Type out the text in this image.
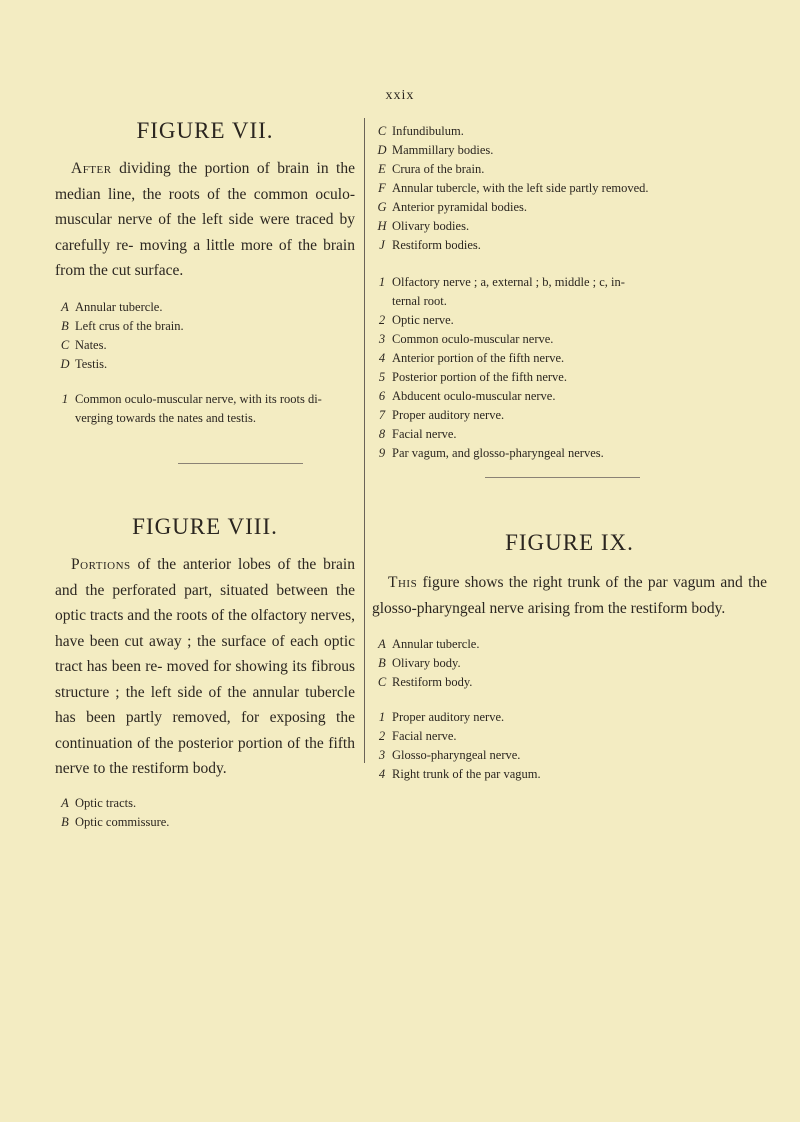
xxix
FIGURE VII.

After dividing the portion of brain in the median line, the roots of the common oculo-muscular nerve of the left side were traced by carefully re- moving a little more of the brain from the cut surface.

A Annular tubercle.
B Left crus of the brain.
C Nates.
D Testis.
1 Common oculo-muscular nerve, with its roots di-
verging towards the nates and testis.
C Infundibulum.
D Mammillary bodies.
E Crura of the brain.
F Annular tubercle, with the left side partly removed.
G Anterior pyramidal bodies.
H Olivary bodies.
J Restiform bodies.
1 Olfactory nerve ; a, external ; b, middle ; c, in-
ternal root.
2 Optic nerve.
3 Common oculo-muscular nerve.
4 Anterior portion of the fifth nerve.
5 Posterior portion of the fifth nerve.
6 Abducent oculo-muscular nerve.
7 Proper auditory nerve.
8 Facial nerve.
9 Par vagum, and glosso-pharyngeal nerves.
FIGURE VIII.

Portions of the anterior lobes of the brain and the perforated part, situated between the optic tracts and the roots of the olfactory nerves, have been cut away ; the surface of each optic tract has been re- moved for showing its fibrous structure ; the left side of the annular tubercle has been partly removed, for exposing the continuation of the posterior portion of the fifth nerve to the restiform body.

A Optic tracts.
B Optic commissure.
FIGURE IX.

This figure shows the right trunk of the par vagum and the glosso-pharyngeal nerve arising from the restiform body.

A Annular tubercle.
B Olivary body.
C Restiform body.
1 Proper auditory nerve.
2 Facial nerve.
3 Glosso-pharyngeal nerve.
4 Right trunk of the par vagum.
